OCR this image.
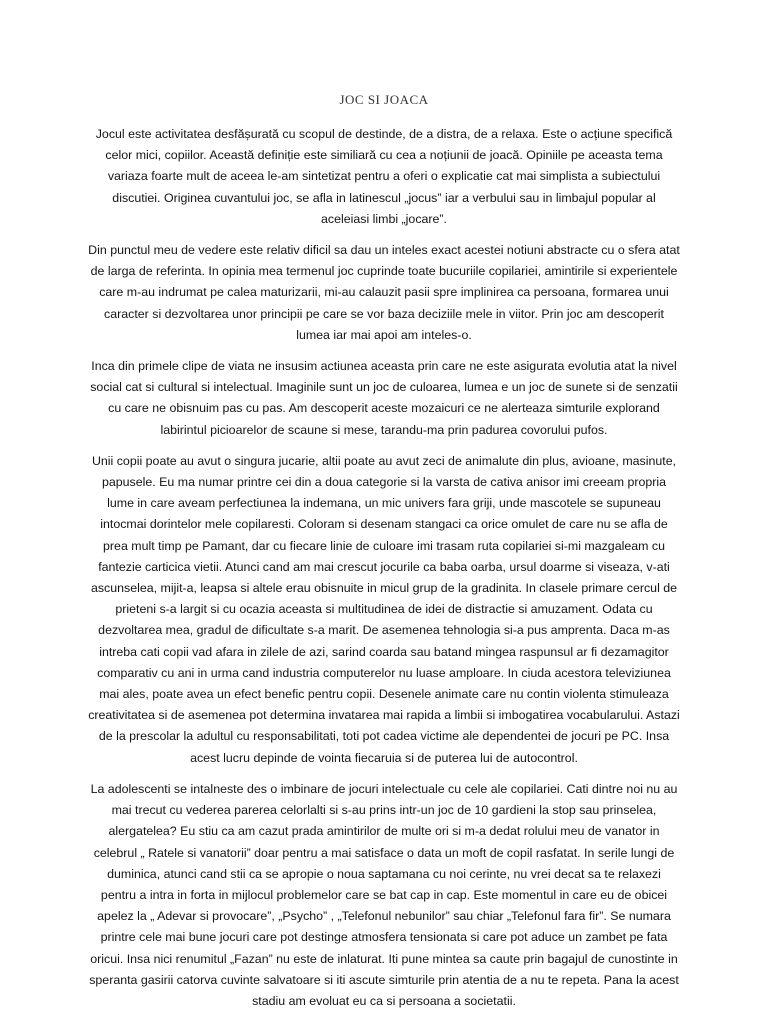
JOC SI JOACA

Jocul este activitatea desfășurată cu scopul de destinde, de a distra, de a relaxa. Este o acțiune specifică celor mici, copiilor. Această definiție este similiară cu cea a noțiunii de joacă. Opiniile pe aceasta tema variaza foarte mult de aceea le-am sintetizat pentru a oferi o explicatie cat mai simplista a subiectului discutiei. Originea cuvantului joc, se afla in latinescul „jocus” iar a verbului sau in limbajul popular al aceleiasi limbi „jocare”.

Din punctul meu de vedere este relativ dificil sa dau un inteles exact acestei notiuni abstracte cu o sfera atat de larga de referinta. In opinia mea termenul joc cuprinde toate bucuriile copilariei, amintirile si experientele care m-au indrumat pe calea maturizarii, mi-au calauzit pasii spre implinirea ca persoana, formarea unui caracter si dezvoltarea unor principii pe care se vor baza deciziile mele in viitor. Prin joc am descoperit lumea iar mai apoi am inteles-o.

Inca din primele clipe de viata ne insusim actiunea aceasta prin care ne este asigurata evolutia atat la nivel social cat si cultural si intelectual. Imaginile sunt un joc de culoarea, lumea e un joc de sunete si de senzatii cu care ne obisnuim pas cu pas. Am descoperit aceste mozaicuri ce ne alerteaza simturile explorand labirintul picioarelor de scaune si mese, tarandu-ma prin padurea covorului pufos.

Unii copii poate au avut o singura jucarie, altii poate au avut zeci de animalute din plus, avioane, masinute, papusele. Eu ma numar printre cei din a doua categorie si la varsta de cativa anisor imi creeam propria lume in care aveam perfectiunea la indemana, un mic univers fara griji, unde mascotele se supuneau intocmai dorintelor mele copilaresti. Coloram si desenam stangaci ca orice omulet de care nu se afla de prea mult timp pe Pamant, dar cu fiecare linie de culoare imi trasam ruta copilariei si-mi mazgaleam cu fantezie carticica vietii. Atunci cand am mai crescut jocurile ca baba oarba, ursul doarme si viseaza, v-ati ascunselea, mijit-a, leapsa si altele erau obisnuite in micul grup de la gradinita. In clasele primare cercul de prieteni s-a largit si cu ocazia aceasta si multitudinea de idei de distractie si amuzament. Odata cu dezvoltarea mea, gradul de dificultate s-a marit. De asemenea tehnologia si-a pus amprenta. Daca m-as intreba cati copii vad afara in zilele de azi, sarind coarda sau batand mingea raspunsul ar fi dezamagitor comparativ cu ani in urma cand industria computerelor nu luase amploare. In ciuda acestora televiziunea mai ales, poate avea un efect benefic pentru copii. Desenele animate care nu contin violenta stimuleaza creativitatea si de asemenea pot determina invatarea mai rapida a limbii si imbogatirea vocabularului. Astazi de la prescolar la adultul cu responsabilitati, toti pot cadea victime ale dependentei de jocuri pe PC. Insa acest lucru depinde de vointa fiecaruia si de puterea lui de autocontrol.

La adolescenti se intalneste des o imbinare de jocuri intelectuale cu cele ale copilariei. Cati dintre noi nu au mai trecut cu vederea parerea celorlalti si s-au prins intr-un joc de 10 gardieni la stop sau prinselea, alergatelea? Eu stiu ca am cazut prada amintirilor de multe ori si m-a dedat rolului meu de vanator in celebrul „ Ratele si vanatorii” doar pentru a mai satisface o data un moft de copil rasfatat. In serile lungi de duminica, atunci cand stii ca se apropie o noua saptamana cu noi cerinte, nu vrei decat sa te relaxezi pentru a intra in forta in mijlocul problemelor care se bat cap in cap. Este momentul in care eu de obicei apelez la „ Adevar si provocare”, „Psycho” , „Telefonul nebunilor” sau chiar „Telefonul fara fir”. Se numara printre cele mai bune jocuri care pot destinge atmosfera tensionata si care pot aduce un zambet pe fata oricui. Insa nici renumitul „Fazan” nu este de inlaturat. Iti pune mintea sa caute prin bagajul de cunostinte in speranta gasirii catorva cuvinte salvatoare si iti ascute simturile prin atentia de a nu te repeta. Pana la acest stadiu am evoluat eu ca si persoana a societatii.
